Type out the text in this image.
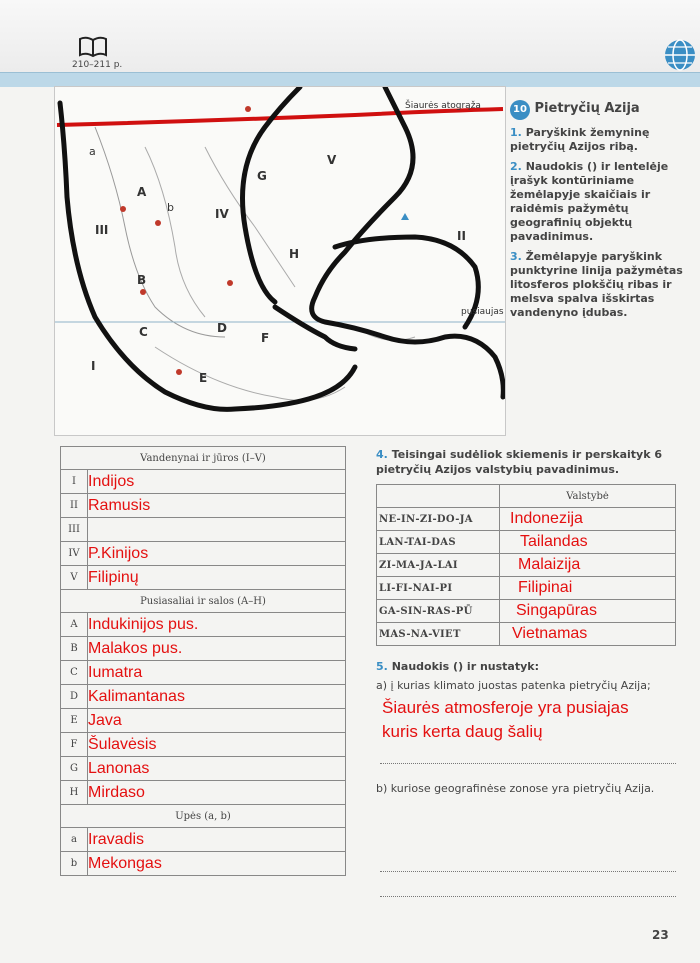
210–211 p.
Šiaurės atogrąža
pusiaujas
V
III
IV
II
I
A
B
C	D
E
F
G
H
a
b

10 Pietryčių Azija

1. Paryškink žemyninę pietryčių Azijos ribą.

2. Naudokis () ir lentelėje įrašyk kontūriniame žemėlapyje skaičiais ir raidėmis pažymėtų geografinių objektų pavadinimus.

3. Žemėlapyje paryškink punktyrine linija pažymėtas litosferos plokščių ribas ir melsva spalva išskirtas vandenyno įdubas.

Vandenynai ir jūros (I–V)	
I	Indijos
II	Ramusis
III	
IV	P.Kinijos
V	Filipinų
Pusiasaliai ir salos (A–H)	
A	Indukinijos pus.
B	Malakos pus.
C	Iumatra
D	Kalimantanas
E	Java
F	Šulavėsis
G	Lanonas
H	Mirdaso
Upės (a, b)	
a	Iravadis
b	Mekongas
4. Teisingai sudėliok skiemenis ir perskaityk 6 pietryčių Azijos valstybių pavadinimus.
	Valstybė
NE-IN-ZI-DO-JA	Indonezija
LAN-TAI-DAS	Tailandas
ZI-MA-JA-LAI	Malaizija
LI-FI-NAI-PI	Filipinai
GA-SIN-RAS-PŪ	Singapūras
MAS-NA-VIET	Vietnamas
5. Naudokis () ir nustatyk:
a) į kurias klimato juostas patenka pietryčių Azija;
Šiaurės atmosferoje yra pusiajas
kuris kerta daug šalių
b) kuriose geografinėse zonose yra pietryčių Azija.
23
